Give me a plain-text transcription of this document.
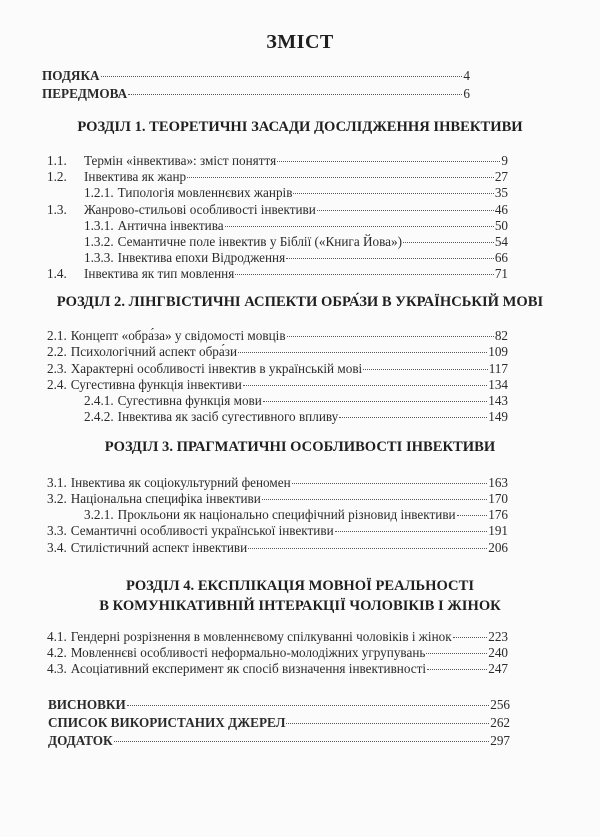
ЗМІСТ
ПОДЯКА	4
ПЕРЕДМОВА	6
РОЗДІЛ 1. ТЕОРЕТИЧНІ ЗАСАДИ ДОСЛІДЖЕННЯ ІНВЕКТИВИ
1.1.	Термін «інвектива»: зміст поняття	9
1.2.	Інвектива як жанр	27
1.2.1. Типологія мовленнєвих жанрів	35
1.3.	Жанрово-стильові особливості інвективи	46
1.3.1. Антична інвектива	50
1.3.2. Семантичне поле інвектив у Біблії («Книга Йова»)	54
1.3.3. Інвектива епохи Відродження	66
1.4.	Інвектива як тип мовлення	71
РОЗДІЛ 2. ЛІНГВІСТИЧНІ АСПЕКТИ ОБРА́ЗИ В УКРАЇНСЬКІЙ МОВІ
2.1. Концепт «обра́за» у свідомості мовців	82
2.2. Психологічний аспект обра́зи	109
2.3. Характерні особливості інвектив в українській мові	117
2.4. Сугестивна функція інвективи	134
2.4.1. Сугестивна функція мови	143
2.4.2. Інвектива як засіб сугестивного впливу	149
РОЗДІЛ 3. ПРАГМАТИЧНІ ОСОБЛИВОСТІ ІНВЕКТИВИ
3.1. Інвектива як соціокультурний феномен	163
3.2. Національна специфіка інвективи	170
3.2.1. Прокльони як національно специфічний різновид інвективи 176
3.3. Семантичні особливості української інвективи	191
3.4. Стилістичний аспект інвективи	206
РОЗДІЛ 4. ЕКСПЛІКАЦІЯ МОВНОЇ РЕАЛЬНОСТІ
В КОМУНІКАТИВНІЙ ІНТЕРАКЦІЇ ЧОЛОВІКІВ І ЖІНОК
4.1. Гендерні розрізнення в мовленнєвому спілкуванні чоловіків і жінок	223
4.2. Мовленнєві особливості неформально-молодіжних угрупувань	240
4.3. Асоціативний експеримент як спосіб визначення інвективності	247
ВИСНОВКИ	256
СПИСОК ВИКОРИСТАНИХ ДЖЕРЕЛ	262
ДОДАТОК	297
